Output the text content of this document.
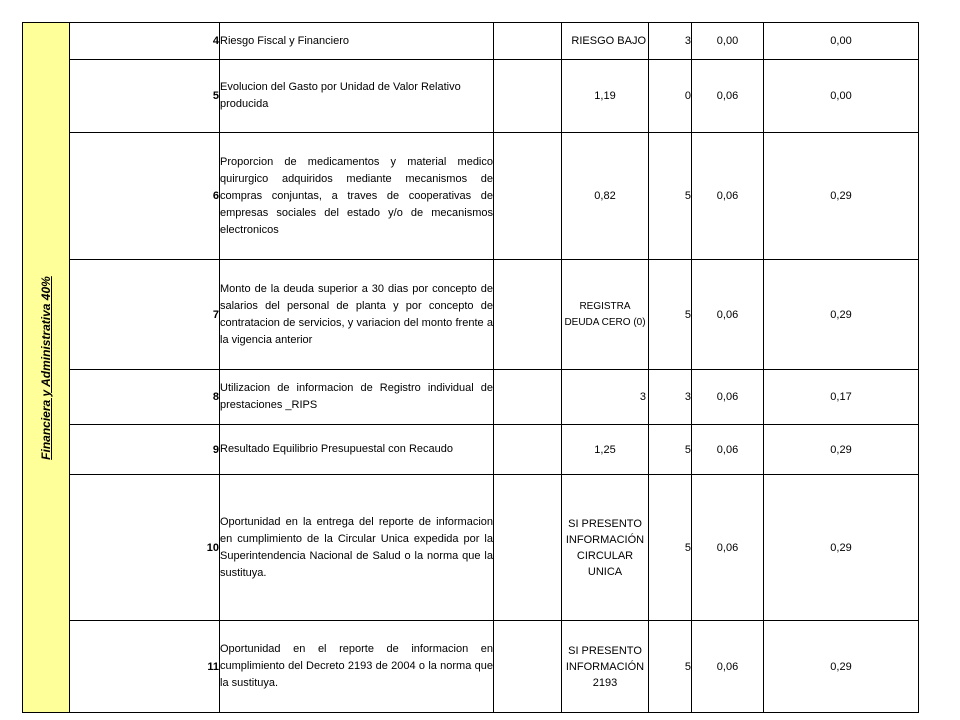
Financiera y Administrativa 40%	4	Riesgo Fiscal y Financiero		RIESGO BAJO	3	0,00	0,00
	5	Evolucion del Gasto por Unidad de Valor Relativo producida		1,19	0	0,06	0,00
	6	Proporcion de medicamentos y material medico quirurgico adquiridos mediante mecanismos de compras conjuntas, a traves de cooperativas de empresas sociales del estado y/o de mecanismos electronicos		0,82	5	0,06	0,29
	7	Monto de la deuda superior a 30 dias por concepto de salarios del personal de planta y por concepto de contratacion de servicios, y variacion del monto frente a la vigencia anterior		REGISTRA DEUDA CERO (0)	5	0,06	0,29
	8	Utilizacion de informacion de Registro individual de prestaciones _RIPS		3	3	0,06	0,17
	9	Resultado Equilibrio Presupuestal con Recaudo		1,25	5	0,06	0,29
	10	Oportunidad en la entrega del reporte de informacion en cumplimiento de la Circular Unica expedida por la Superintendencia Nacional de Salud o la norma que la sustituya.		SI PRESENTO INFORMACIÓN CIRCULAR UNICA	5	0,06	0,29
	11	Oportunidad en el reporte de informacion en cumplimiento del Decreto 2193 de 2004 o la norma que la sustituya.		SI PRESENTO INFORMACIÓN 2193	5	0,06	0,29
